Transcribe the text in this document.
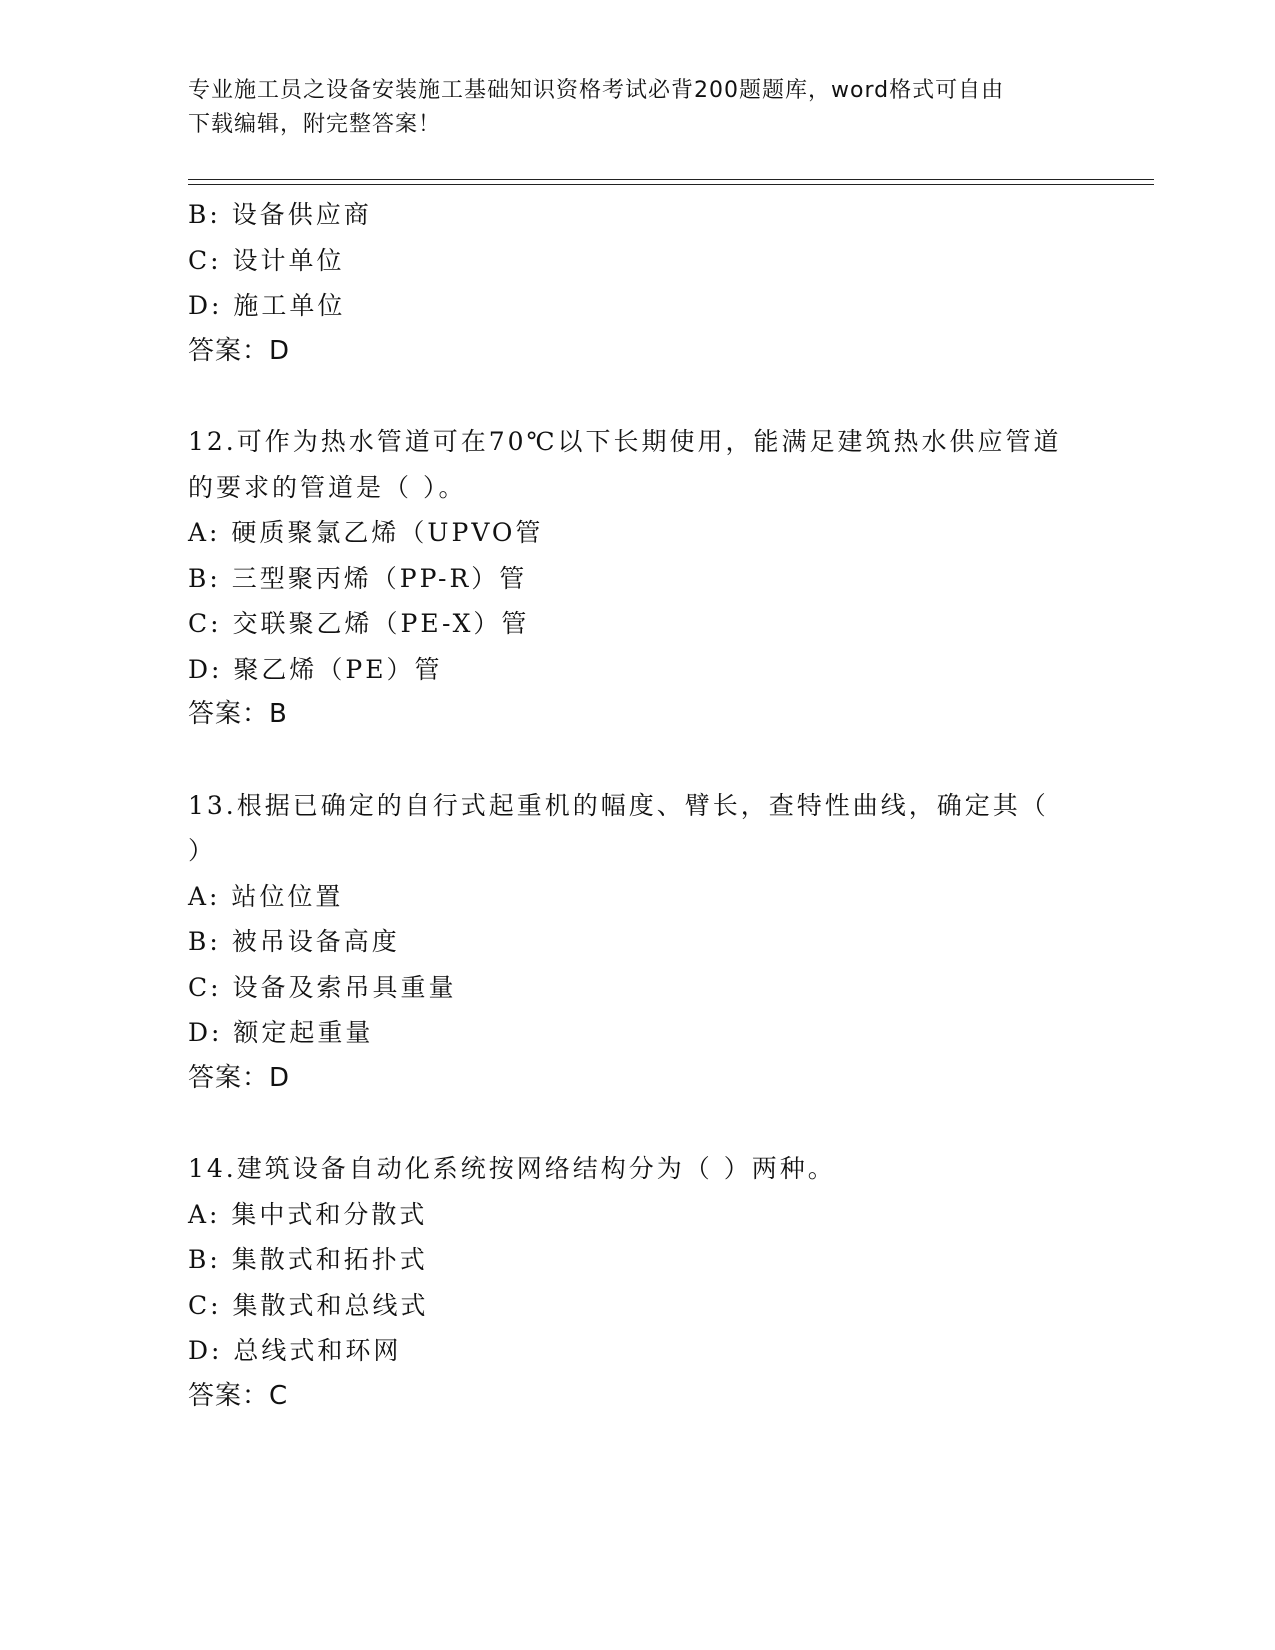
专业施工员之设备安装施工基础知识资格考试必背200题题库，word格式可自由
下载编辑，附完整答案！
B: 设备供应商
C: 设计单位
D: 施工单位
答案：D
12.可作为热水管道可在70℃以下长期使用，能满足建筑热水供应管道
的要求的管道是（ ）。
A: 硬质聚氯乙烯（UPVO管
B: 三型聚丙烯（PP-R）管
C: 交联聚乙烯（PE-X）管
D: 聚乙烯（PE）管
答案：B
13.根据已确定的自行式起重机的幅度、臂长，查特性曲线，确定其（
）
A: 站位位置
B: 被吊设备高度
C: 设备及索吊具重量
D: 额定起重量
答案：D
14.建筑设备自动化系统按网络结构分为（ ）两种。
A: 集中式和分散式
B: 集散式和拓扑式
C: 集散式和总线式
D: 总线式和环网
答案：C
